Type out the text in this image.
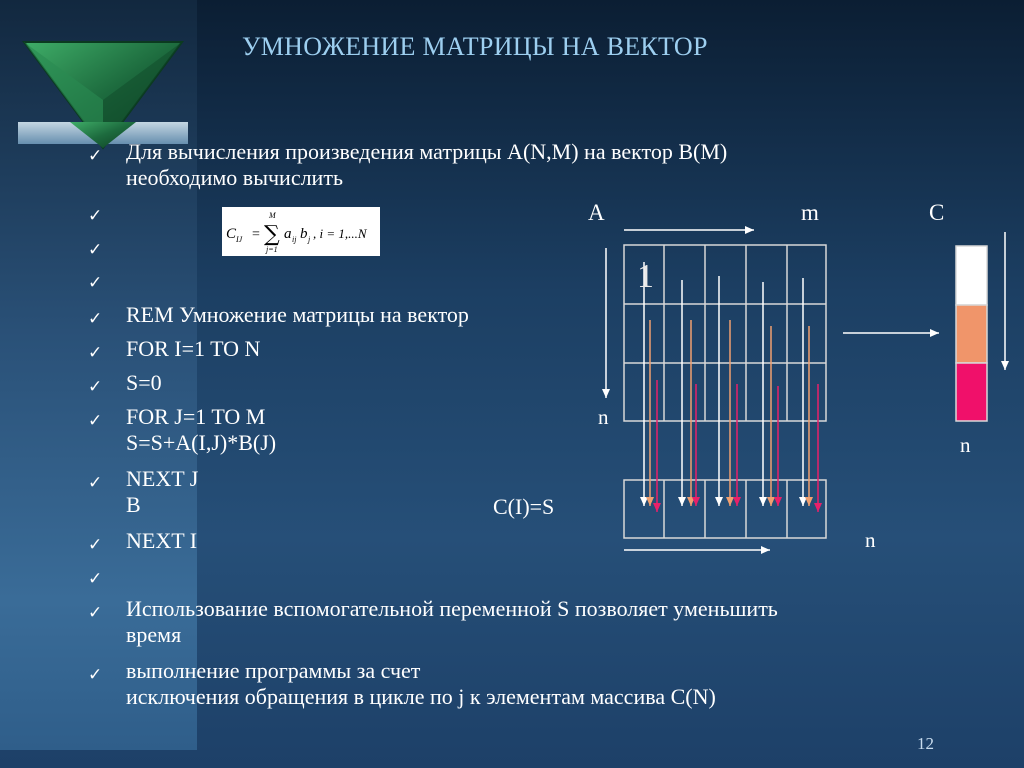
УМНОЖЕНИЕ МАТРИЦЫ НА ВЕКТОР
✓ Для вычисления произведения матрицы A(N,M) на вектор B(M)
необходимо вычислить
✓
✓
✓
✓ REM Умножение матрицы на вектор
✓ FOR I=1 TO N
✓ S=0
✓ FOR J=1 TO M
S=S+A(I,J)*B(J)
✓ NEXT J
B
✓ NEXT I
✓
✓ Использование вспомогательной переменной S позволяет уменьшить
время
✓ выполнение программы за счет
исключения обращения в цикле по j к элементам массива C(N)
C IJ =
M
∑
j=1
a ij b j , i = 1,...N
A	m	C
1
n
n
n
C(I)=S
12
